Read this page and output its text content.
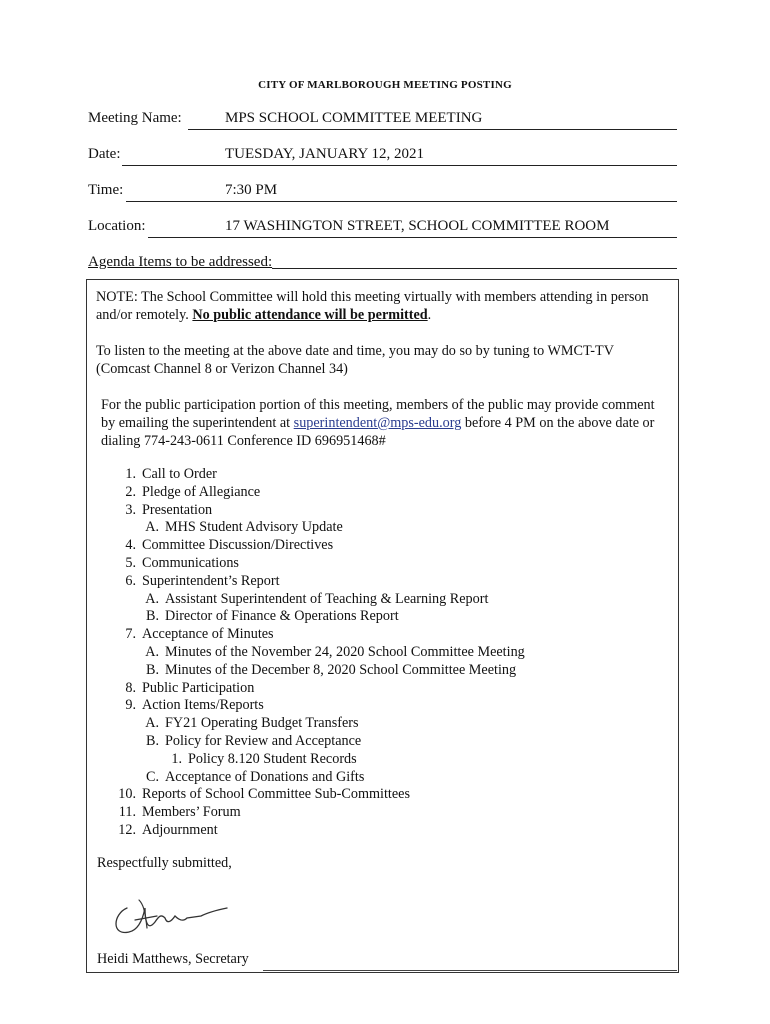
CITY OF MARLBOROUGH MEETING POSTING
Meeting Name:	MPS SCHOOL COMMITTEE MEETING
Date:	TUESDAY, JANUARY 12, 2021
Time:	7:30 PM
Location:	17 WASHINGTON STREET, SCHOOL COMMITTEE ROOM
Agenda Items to be addressed:
NOTE: The School Committee will hold this meeting virtually with members attending in person and/or remotely. No public attendance will be permitted.
To listen to the meeting at the above date and time, you may do so by tuning to WMCT-TV (Comcast Channel 8 or Verizon Channel 34)
For the public participation portion of this meeting, members of the public may provide comment by emailing the superintendent at superintendent@mps-edu.org before 4 PM on the above date or dialing 774-243-0611 Conference ID 696951468#
1. Call to Order
2. Pledge of Allegiance
3. Presentation
A. MHS Student Advisory Update
4. Committee Discussion/Directives
5. Communications
6. Superintendent’s Report
A. Assistant Superintendent of Teaching & Learning Report
B. Director of Finance & Operations Report
7. Acceptance of Minutes
A. Minutes of the November 24, 2020 School Committee Meeting
B. Minutes of the December 8, 2020 School Committee Meeting
8. Public Participation
9. Action Items/Reports
A. FY21 Operating Budget Transfers
B. Policy for Review and Acceptance
1. Policy 8.120 Student Records
C. Acceptance of Donations and Gifts
10. Reports of School Committee Sub-Committees
11. Members’ Forum
12. Adjournment
Respectfully submitted,
Heidi Matthews, Secretary
